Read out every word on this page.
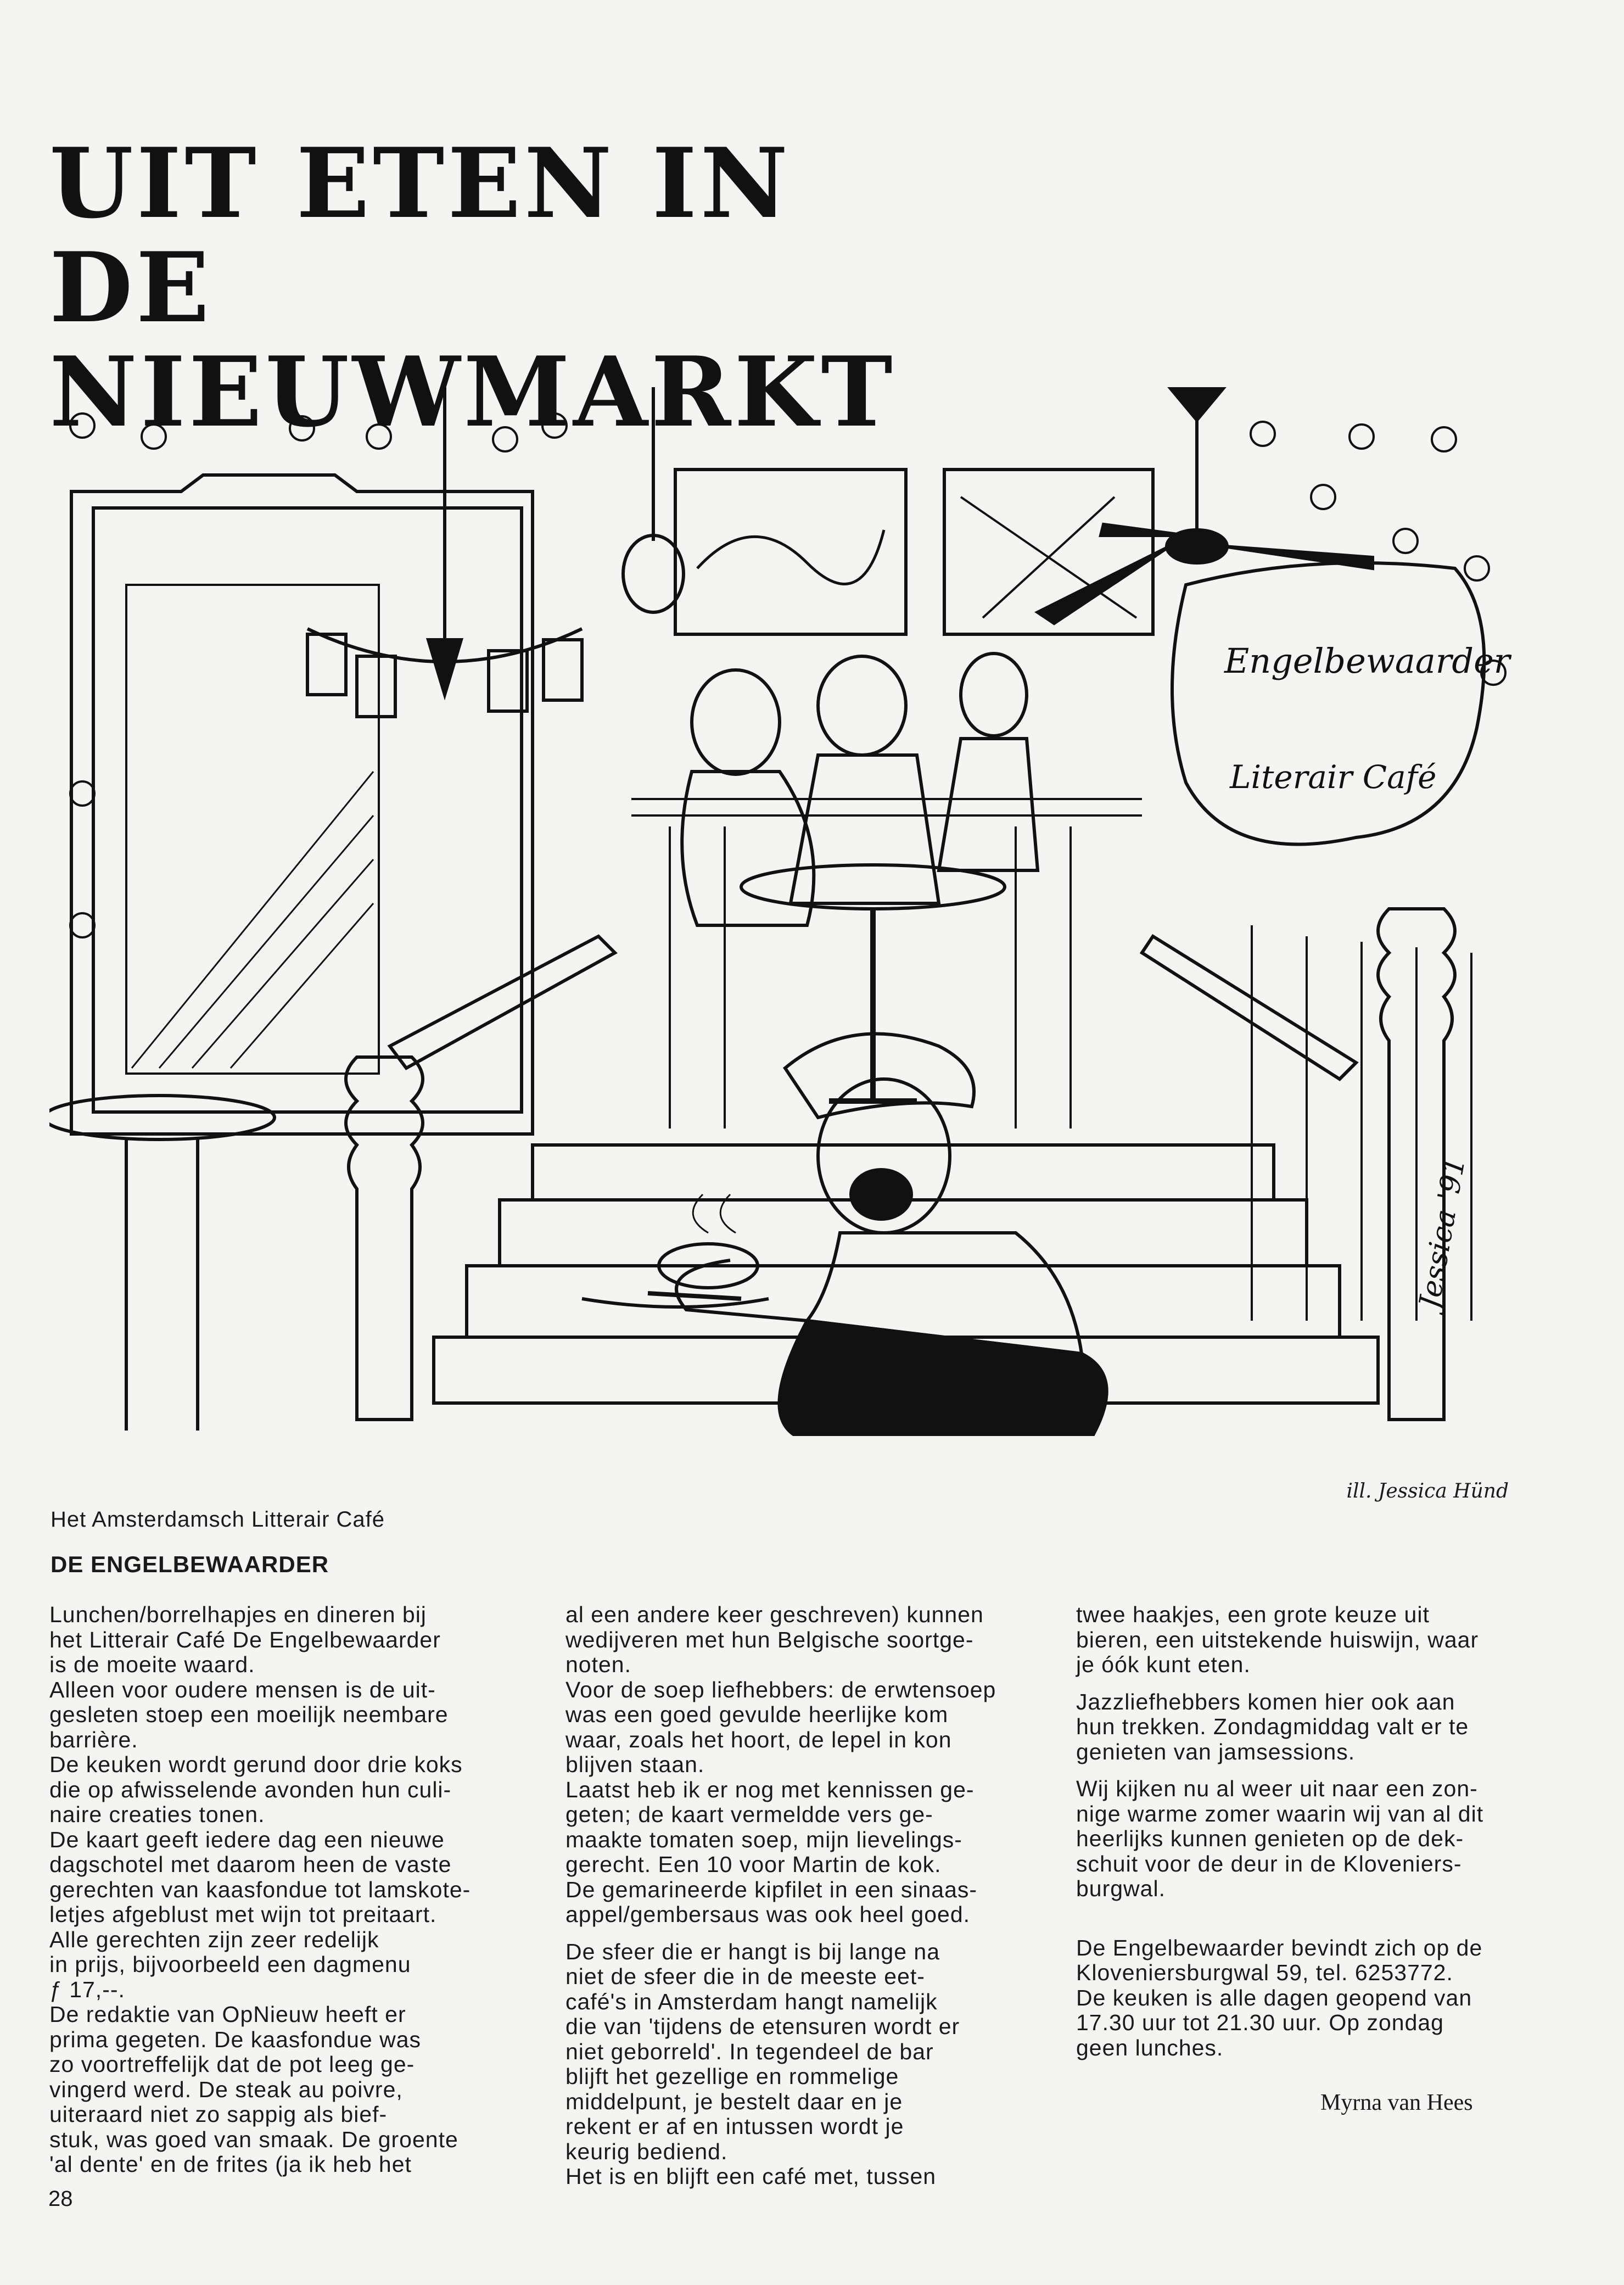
UIT ETEN IN DE
NIEUWMARKT
Engelbewaarder
Literair Café
Jessica '91
ill. Jessica Hünd
Het Amsterdamsch Litterair Café
DE ENGELBEWAARDER

Lunchen/borrelhapjes en dineren bij
het Litterair Café De Engelbewaarder
is de moeite waard.
Alleen voor oudere mensen is de uit-
gesleten stoep een moeilijk neembare
barrière.
De keuken wordt gerund door drie koks
die op afwisselende avonden hun culi-
naire creaties tonen.
De kaart geeft iedere dag een nieuwe
dagschotel met daarom heen de vaste
gerechten van kaasfondue tot lamskote-
letjes afgeblust met wijn tot preitaart.
Alle gerechten zijn zeer redelijk
in prijs, bijvoorbeeld een dagmenu
ƒ 17,--.
De redaktie van OpNieuw heeft er
prima gegeten. De kaasfondue was
zo voortreffelijk dat de pot leeg ge-
vingerd werd. De steak au poivre,
uiteraard niet zo sappig als bief-
stuk, was goed van smaak. De groente
'al dente' en de frites (ja ik heb het

al een andere keer geschreven) kunnen
wedijveren met hun Belgische soortge-
noten.
Voor de soep liefhebbers: de erwtensoep
was een goed gevulde heerlijke kom
waar, zoals het hoort, de lepel in kon
blijven staan.
Laatst heb ik er nog met kennissen ge-
geten; de kaart vermeldde vers ge-
maakte tomaten soep, mijn lievelings-
gerecht. Een 10 voor Martin de kok.
De gemarineerde kipfilet in een sinaas-
appel/gembersaus was ook heel goed.

De sfeer die er hangt is bij lange na
niet de sfeer die in de meeste eet-
café's in Amsterdam hangt namelijk
die van 'tijdens de etensuren wordt er
niet geborreld'. In tegendeel de bar
blijft het gezellige en rommelige
middelpunt, je bestelt daar en je
rekent er af en intussen wordt je
keurig bediend.
Het is en blijft een café met, tussen

twee haakjes, een grote keuze uit
bieren, een uitstekende huiswijn, waar
je óók kunt eten.

Jazzliefhebbers komen hier ook aan
hun trekken. Zondagmiddag valt er te
genieten van jamsessions.

Wij kijken nu al weer uit naar een zon-
nige warme zomer waarin wij van al dit
heerlijks kunnen genieten op de dek-
schuit voor de deur in de Kloveniers-
burgwal.

De Engelbewaarder bevindt zich op de
Kloveniersburgwal 59, tel. 6253772.
De keuken is alle dagen geopend van
17.30 uur tot 21.30 uur. Op zondag
geen lunches.

Myrna van Hees
28
